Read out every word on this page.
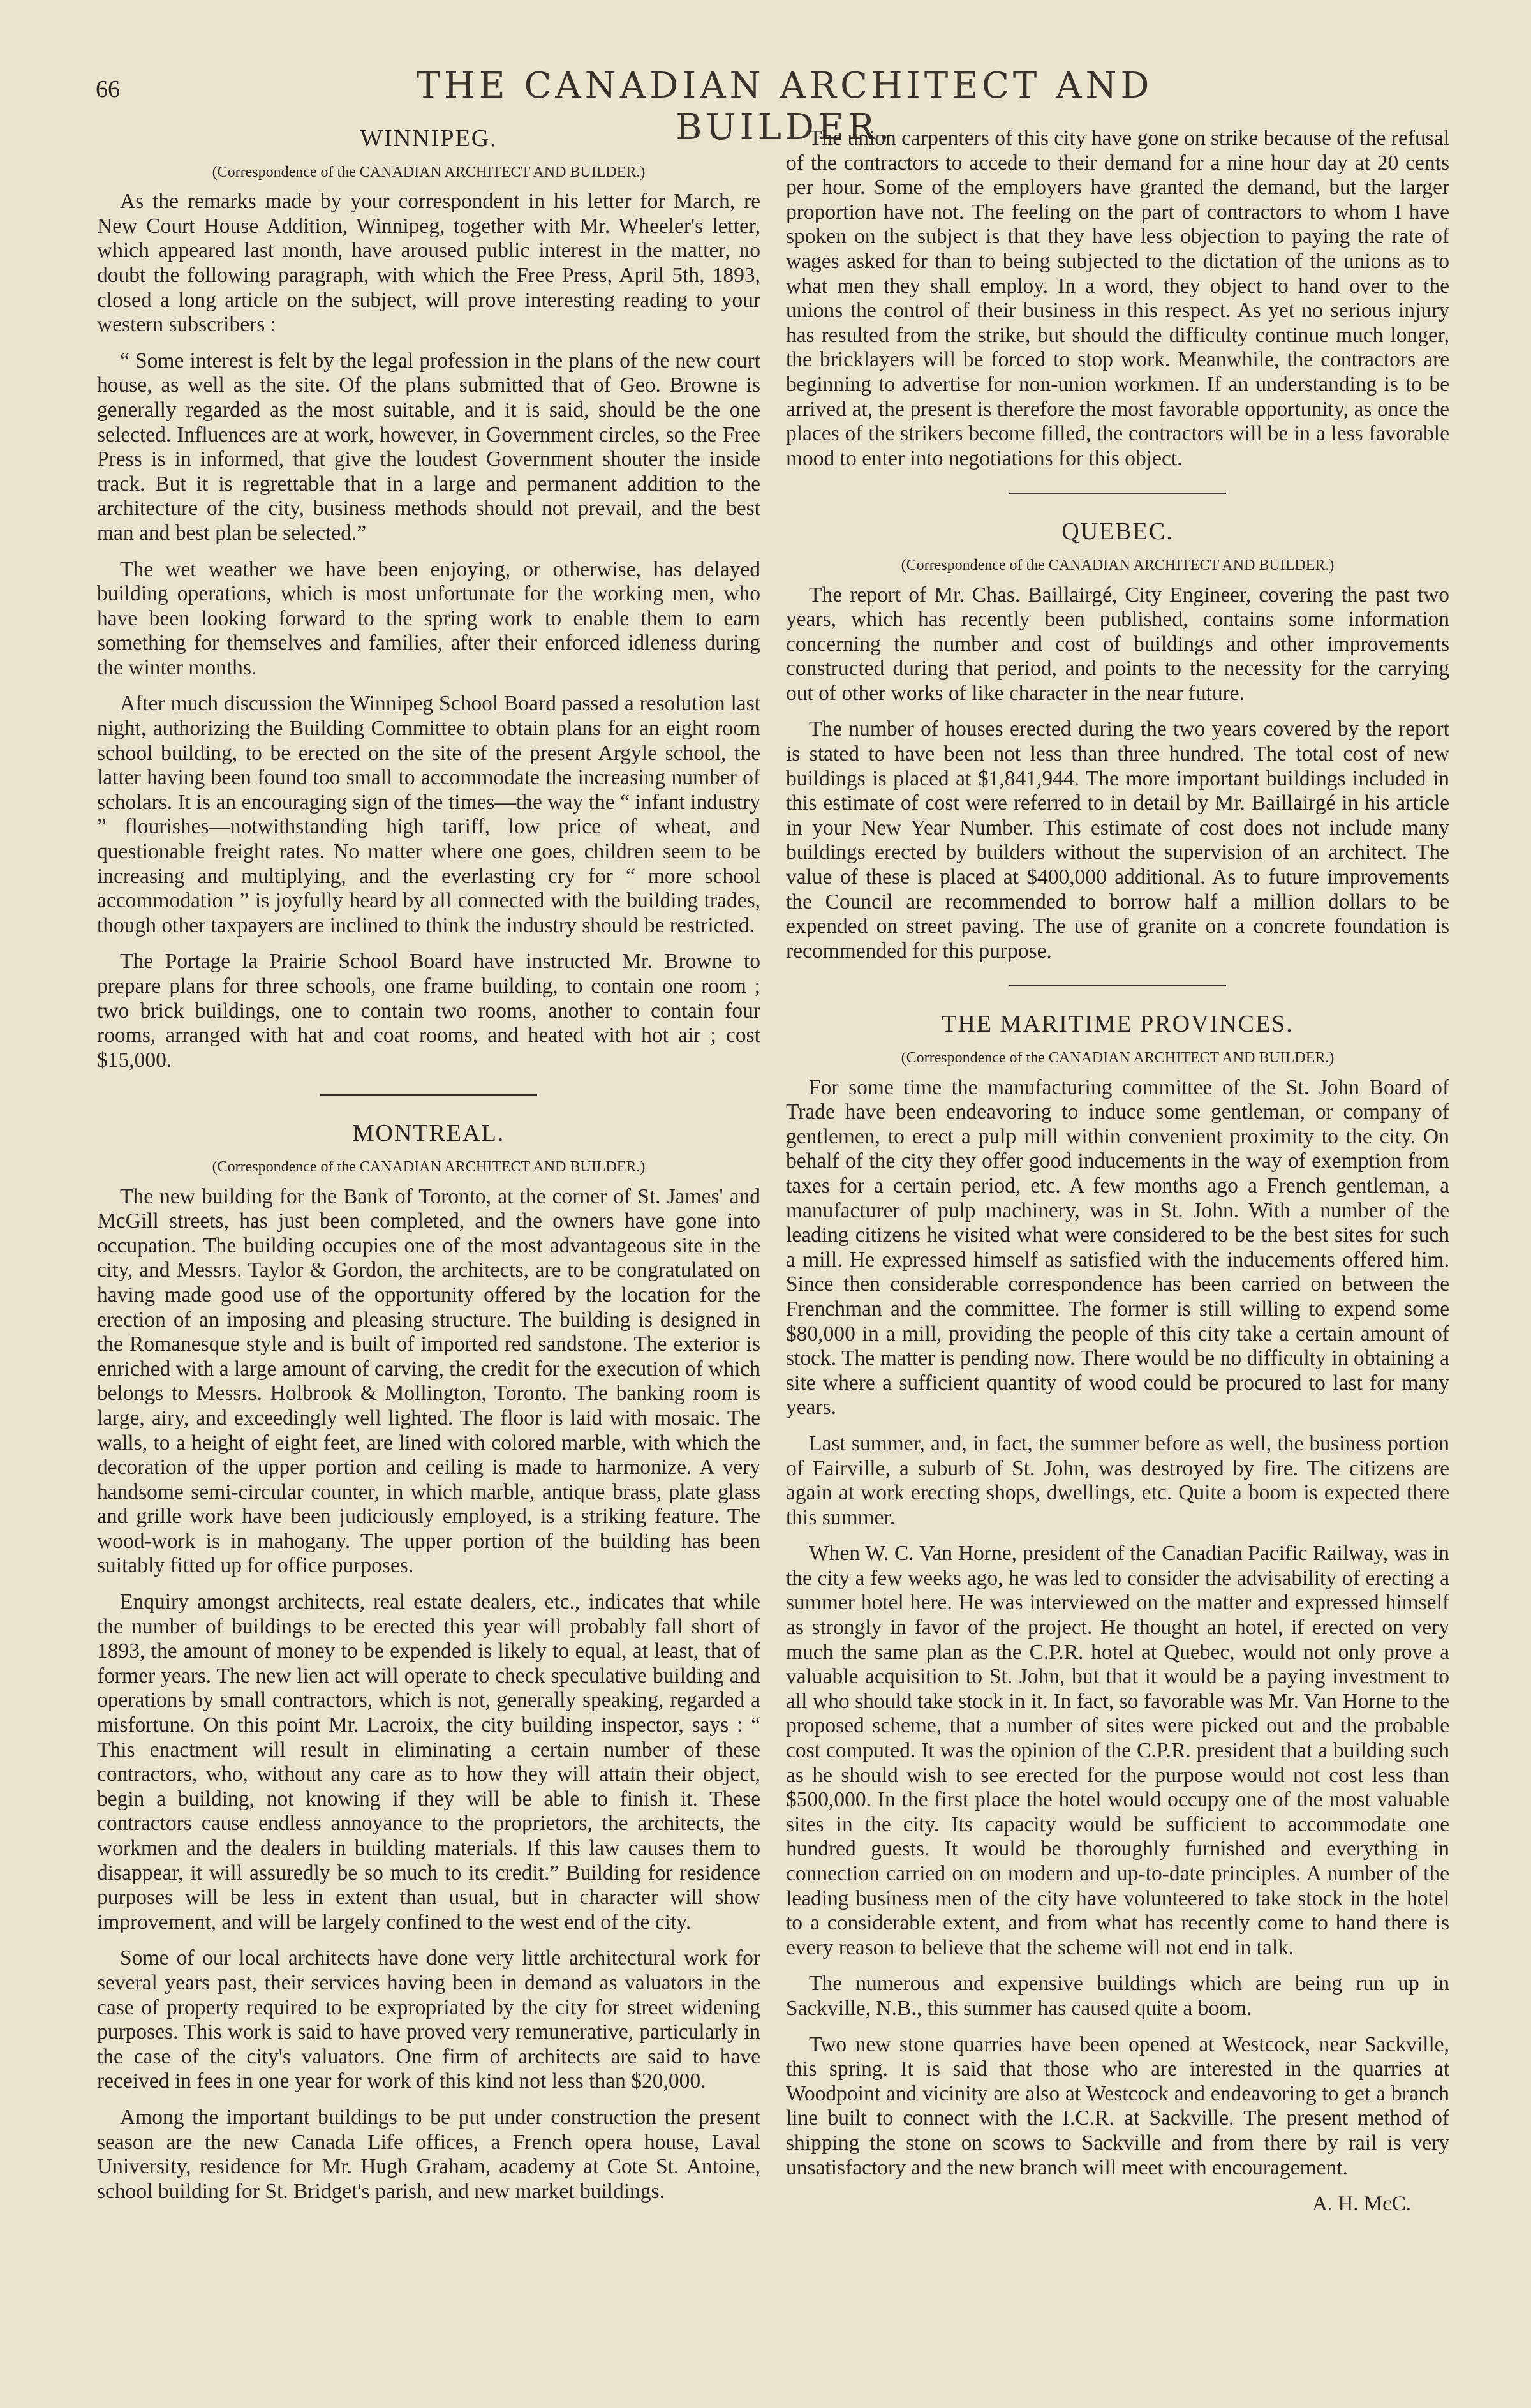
66	THE CANADIAN ARCHITECT AND BUILDER.
WINNIPEG.
(Correspondence of the CANADIAN ARCHITECT AND BUILDER.)

As the remarks made by your correspondent in his letter for March, re New Court House Addition, Winnipeg, together with Mr. Wheeler's letter, which appeared last month, have aroused public interest in the matter, no doubt the following paragraph, with which the Free Press, April 5th, 1893, closed a long article on the subject, will prove interesting reading to your western subscribers :

“ Some interest is felt by the legal profession in the plans of the new court house, as well as the site. Of the plans submitted that of Geo. Browne is generally regarded as the most suitable, and it is said, should be the one selected. Influences are at work, however, in Government circles, so the Free Press is in informed, that give the loudest Government shouter the inside track. But it is regrettable that in a large and permanent addition to the architecture of the city, business methods should not prevail, and the best man and best plan be selected.”

The wet weather we have been enjoying, or otherwise, has delayed building operations, which is most unfortunate for the working men, who have been looking forward to the spring work to enable them to earn something for themselves and families, after their enforced idleness during the winter months.

After much discussion the Winnipeg School Board passed a resolution last night, authorizing the Building Committee to obtain plans for an eight room school building, to be erected on the site of the present Argyle school, the latter having been found too small to accommodate the increasing number of scholars. It is an encouraging sign of the times—the way the “ infant industry ” flourishes—notwithstanding high tariff, low price of wheat, and questionable freight rates. No matter where one goes, children seem to be increasing and multiplying, and the everlasting cry for “ more school accommodation ” is joyfully heard by all connected with the building trades, though other taxpayers are inclined to think the industry should be restricted.

The Portage la Prairie School Board have instructed Mr. Browne to prepare plans for three schools, one frame building, to contain one room ; two brick buildings, one to contain two rooms, another to contain four rooms, arranged with hat and coat rooms, and heated with hot air ; cost $15,000.

MONTREAL.
(Correspondence of the CANADIAN ARCHITECT AND BUILDER.)

The new building for the Bank of Toronto, at the corner of St. James' and McGill streets, has just been completed, and the owners have gone into occupation. The building occupies one of the most advantageous site in the city, and Messrs. Taylor & Gordon, the architects, are to be congratulated on having made good use of the opportunity offered by the location for the erection of an imposing and pleasing structure. The building is designed in the Romanesque style and is built of imported red sandstone. The exterior is enriched with a large amount of carving, the credit for the execution of which belongs to Messrs. Holbrook & Mollington, Toronto. The banking room is large, airy, and exceedingly well lighted. The floor is laid with mosaic. The walls, to a height of eight feet, are lined with colored marble, with which the decoration of the upper portion and ceiling is made to harmonize. A very handsome semi-circular counter, in which marble, antique brass, plate glass and grille work have been judiciously employed, is a striking feature. The wood-work is in mahogany. The upper portion of the building has been suitably fitted up for office purposes.

Enquiry amongst architects, real estate dealers, etc., indicates that while the number of buildings to be erected this year will probably fall short of 1893, the amount of money to be expended is likely to equal, at least, that of former years. The new lien act will operate to check speculative building and operations by small contractors, which is not, generally speaking, regarded a misfortune. On this point Mr. Lacroix, the city building inspector, says : “ This enactment will result in eliminating a certain number of these contractors, who, without any care as to how they will attain their object, begin a building, not knowing if they will be able to finish it. These contractors cause endless annoyance to the proprietors, the architects, the workmen and the dealers in building materials. If this law causes them to disappear, it will assuredly be so much to its credit.” Building for residence purposes will be less in extent than usual, but in character will show improvement, and will be largely confined to the west end of the city.

Some of our local architects have done very little architectural work for several years past, their services having been in demand as valuators in the case of property required to be expropriated by the city for street widening purposes. This work is said to have proved very remunerative, particularly in the case of the city's valuators. One firm of architects are said to have received in fees in one year for work of this kind not less than $20,000.

Among the important buildings to be put under construction the present season are the new Canada Life offices, a French opera house, Laval University, residence for Mr. Hugh Graham, academy at Cote St. Antoine, school building for St. Bridget's parish, and new market buildings.

The union carpenters of this city have gone on strike because of the refusal of the contractors to accede to their demand for a nine hour day at 20 cents per hour. Some of the employers have granted the demand, but the larger proportion have not. The feeling on the part of contractors to whom I have spoken on the subject is that they have less objection to paying the rate of wages asked for than to being subjected to the dictation of the unions as to what men they shall employ. In a word, they object to hand over to the unions the control of their business in this respect. As yet no serious injury has resulted from the strike, but should the difficulty continue much longer, the bricklayers will be forced to stop work. Meanwhile, the contractors are beginning to advertise for non-union workmen. If an understanding is to be arrived at, the present is therefore the most favorable opportunity, as once the places of the strikers become filled, the contractors will be in a less favorable mood to enter into negotiations for this object.

QUEBEC.
(Correspondence of the CANADIAN ARCHITECT AND BUILDER.)

The report of Mr. Chas. Baillairgé, City Engineer, covering the past two years, which has recently been published, contains some information concerning the number and cost of buildings and other improvements constructed during that period, and points to the necessity for the carrying out of other works of like character in the near future.

The number of houses erected during the two years covered by the report is stated to have been not less than three hundred. The total cost of new buildings is placed at $1,841,944. The more important buildings included in this estimate of cost were referred to in detail by Mr. Baillairgé in his article in your New Year Number. This estimate of cost does not include many buildings erected by builders without the supervision of an architect. The value of these is placed at $400,000 additional. As to future improvements the Council are recommended to borrow half a million dollars to be expended on street paving. The use of granite on a concrete foundation is recommended for this purpose.

THE MARITIME PROVINCES.
(Correspondence of the CANADIAN ARCHITECT AND BUILDER.)

For some time the manufacturing committee of the St. John Board of Trade have been endeavoring to induce some gentleman, or company of gentlemen, to erect a pulp mill within convenient proximity to the city. On behalf of the city they offer good inducements in the way of exemption from taxes for a certain period, etc. A few months ago a French gentleman, a manufacturer of pulp machinery, was in St. John. With a number of the leading citizens he visited what were considered to be the best sites for such a mill. He expressed himself as satisfied with the inducements offered him. Since then considerable correspondence has been carried on between the Frenchman and the committee. The former is still willing to expend some $80,000 in a mill, providing the people of this city take a certain amount of stock. The matter is pending now. There would be no difficulty in obtaining a site where a sufficient quantity of wood could be procured to last for many years.

Last summer, and, in fact, the summer before as well, the business portion of Fairville, a suburb of St. John, was destroyed by fire. The citizens are again at work erecting shops, dwellings, etc. Quite a boom is expected there this summer.

When W. C. Van Horne, president of the Canadian Pacific Railway, was in the city a few weeks ago, he was led to consider the advisability of erecting a summer hotel here. He was interviewed on the matter and expressed himself as strongly in favor of the project. He thought an hotel, if erected on very much the same plan as the C.P.R. hotel at Quebec, would not only prove a valuable acquisition to St. John, but that it would be a paying investment to all who should take stock in it. In fact, so favorable was Mr. Van Horne to the proposed scheme, that a number of sites were picked out and the probable cost computed. It was the opinion of the C.P.R. president that a building such as he should wish to see erected for the purpose would not cost less than $500,000. In the first place the hotel would occupy one of the most valuable sites in the city. Its capacity would be sufficient to accommodate one hundred guests. It would be thoroughly furnished and everything in connection carried on on modern and up-to-date principles. A number of the leading business men of the city have volunteered to take stock in the hotel to a considerable extent, and from what has recently come to hand there is every reason to believe that the scheme will not end in talk.

The numerous and expensive buildings which are being run up in Sackville, N.B., this summer has caused quite a boom.

Two new stone quarries have been opened at Westcock, near Sackville, this spring. It is said that those who are interested in the quarries at Woodpoint and vicinity are also at Westcock and endeavoring to get a branch line built to connect with the I.C.R. at Sackville. The present method of shipping the stone on scows to Sackville and from there by rail is very unsatisfactory and the new branch will meet with encouragement.

A. H. McC.
